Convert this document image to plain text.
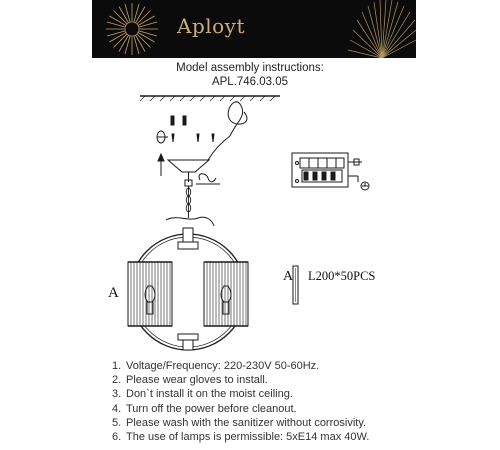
Aployt
Model assembly instructions:
APL.746.03.05
A
A L200*50PCS
1. Voltage/Frequency: 220-230V 50-60Hz.
2. Please wear gloves to install.
3. Don`t install it on the moist ceiling.
4. Turn off the power before cleanout.
5. Please wash with the sanitizer without corrosivity.
6. The use of lamps is permissible: 5xE14 max 40W.
